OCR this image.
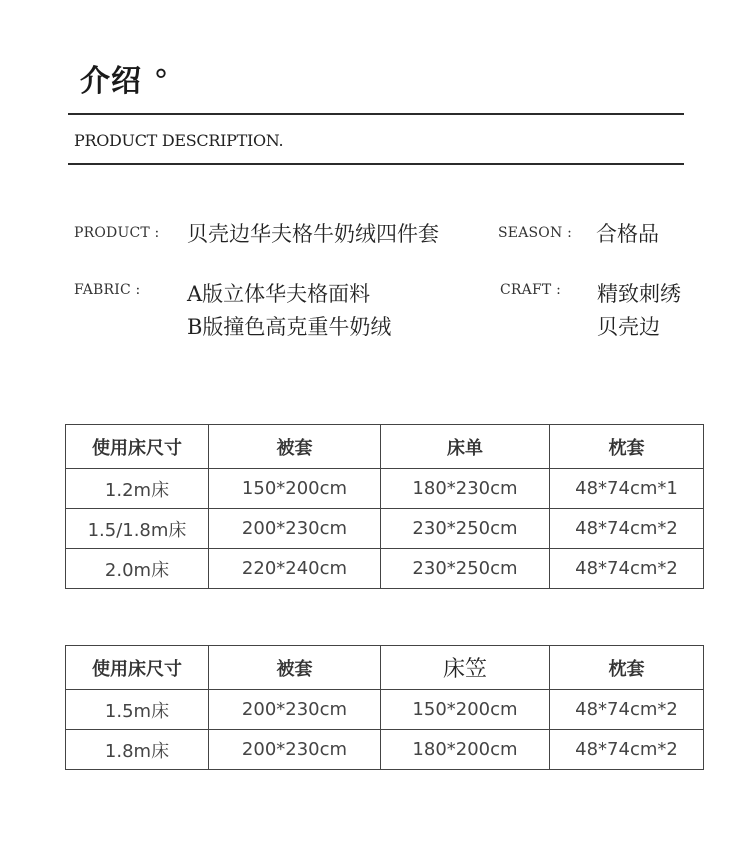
介绍 °
PRODUCT DESCRIPTION.
PRODUCT : 贝壳边华夫格牛奶绒四件套	SEASON : 合格品
FABRIC : A版立体华夫格面料
B版撞色高克重牛奶绒
CRAFT : 精致刺绣
贝壳边
使用床尺寸	被套	床单	枕套
1.2m床	150*200cm	180*230cm	48*74cm*1
1.5/1.8m床	200*230cm	230*250cm	48*74cm*2
2.0m床	220*240cm	230*250cm	48*74cm*2
使用床尺寸	被套	床笠	枕套
1.5m床	200*230cm	150*200cm	48*74cm*2
1.8m床	200*230cm	180*200cm	48*74cm*2
